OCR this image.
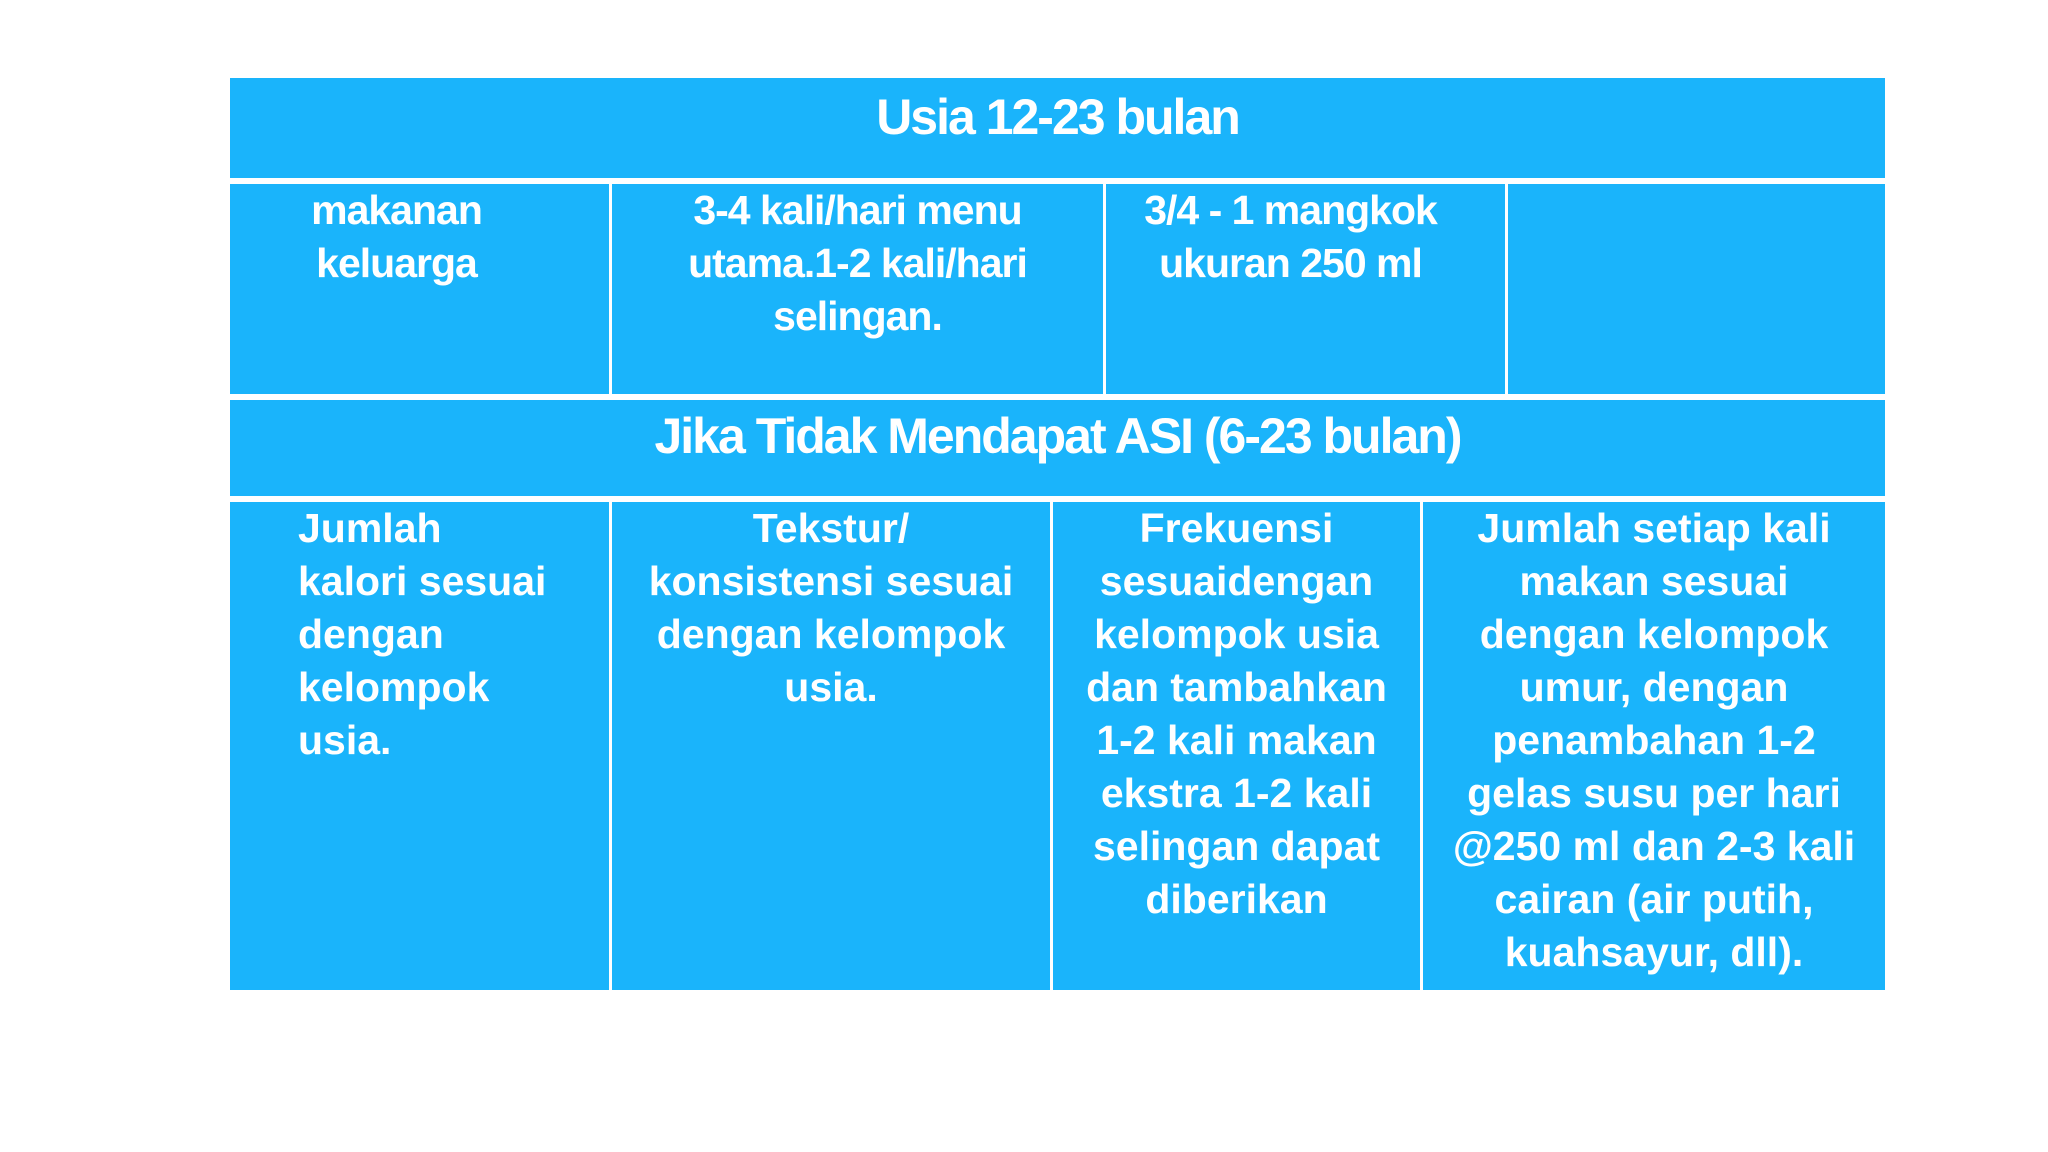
Usia 12-23 bulan
makanan
keluarga
3-4 kali/hari menu
utama.1-2 kali/hari
selingan.
3/4 - 1 mangkok
ukuran 250 ml
Jika Tidak Mendapat ASI (6-23 bulan)
Jumlah
kalori sesuai
dengan
kelompok
usia.
Tekstur/
konsistensi sesuai
dengan kelompok
usia.
Frekuensi
sesuaidengan
kelompok usia
dan tambahkan
1-2 kali makan
ekstra 1-2 kali
selingan dapat
diberikan
Jumlah setiap kali
makan sesuai
dengan kelompok
umur, dengan
penambahan 1-2
gelas susu per hari
@250 ml dan 2-3 kali
cairan (air putih,
kuahsayur, dll).
